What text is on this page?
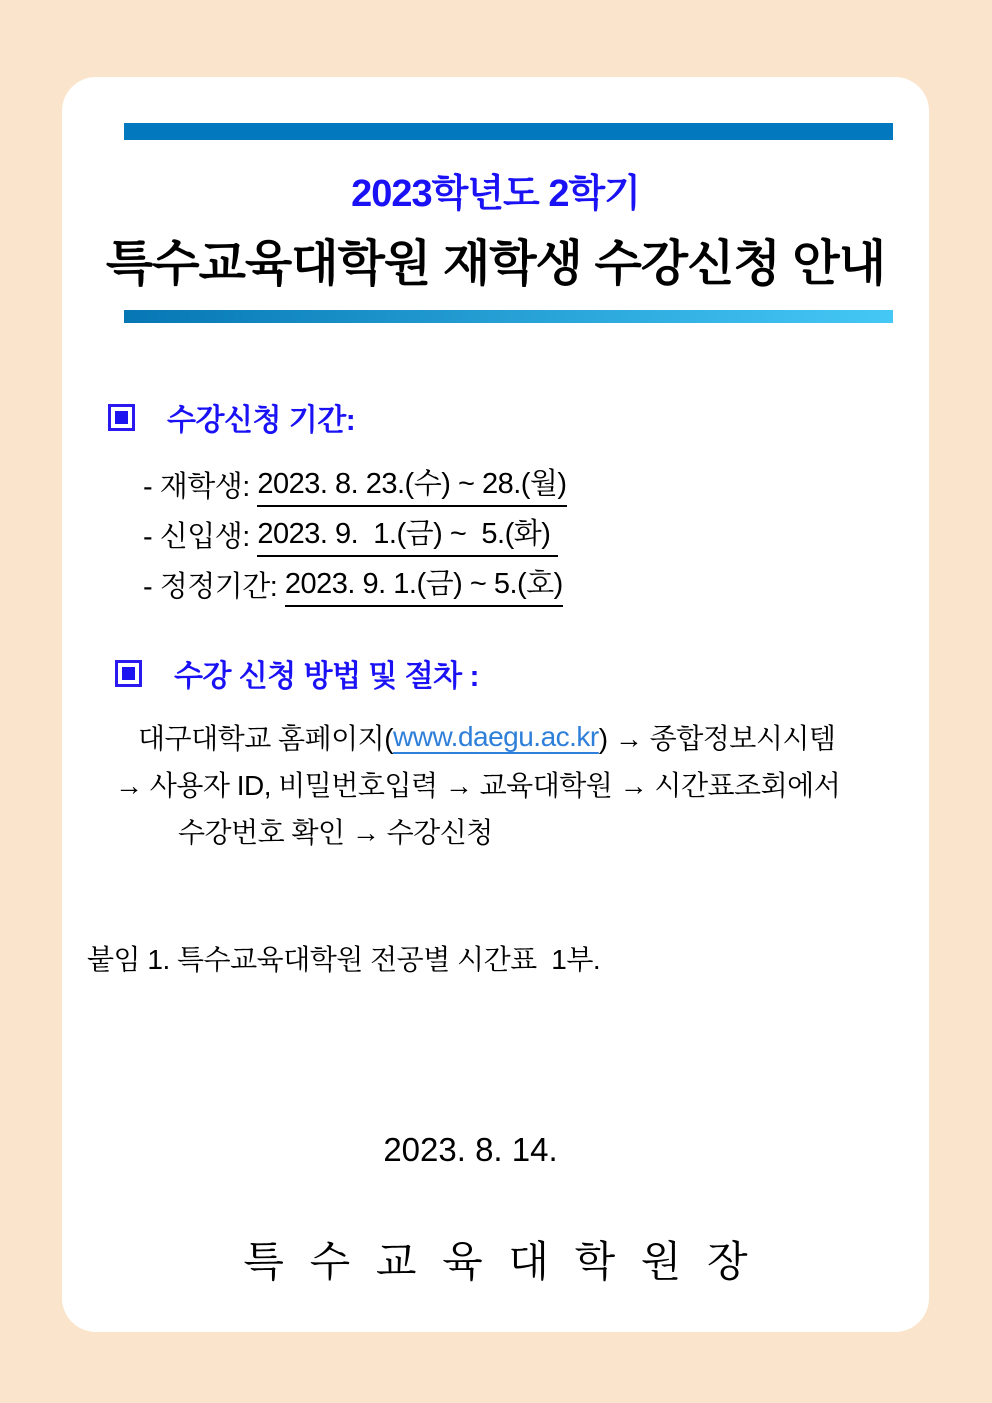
2023학년도 2학기
특수교육대학원 재학생 수강신청 안내
수강신청 기간:
- 재학생: 2023. 8. 23.(수) ~ 28.(월)
- 신입생: 2023. 9.  1.(금) ~  5.(화)
- 정정기간: 2023. 9. 1.(금) ~ 5.(호)
수강 신청 방법 및 절차 :
대구대학교 홈페이지( www.daegu.ac.kr ) → 종합정보시시템
→ 사용자 ID, 비밀번호입력 → 교육대학원 → 시간표조회에서
수강번호 확인 → 수강신청
붙임 1. 특수교육대학원 전공별 시간표  1부.
2023. 8. 14.
특 수 교 육 대 학 원 장
